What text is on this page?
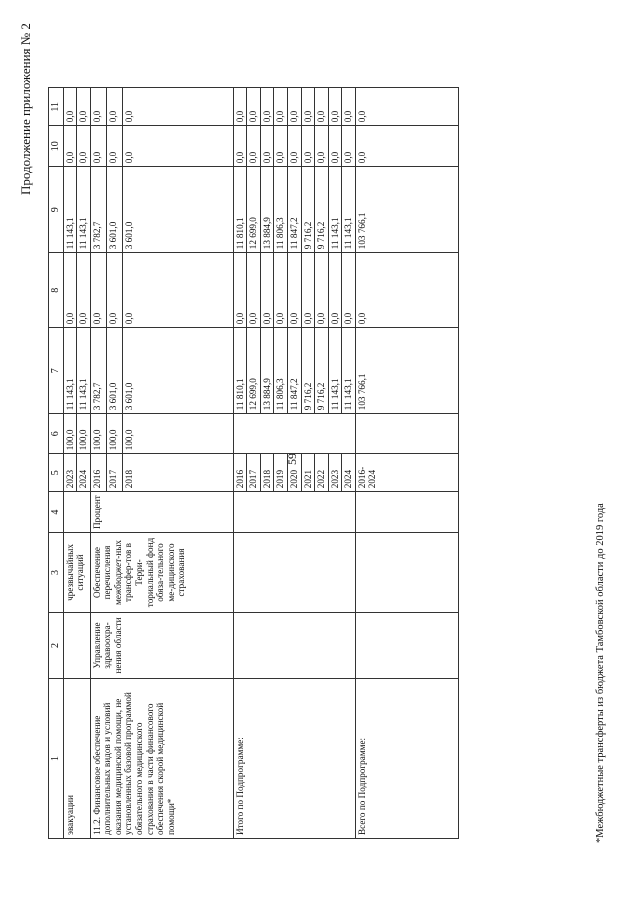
Продолжение приложения № 2
59
1	2	3	4	5	6	7	8	9	10	11
эвакуации		чрезвычайных ситуаций		2023	100,0	11 143,1	0,0	11 143,1	0,0	0,0
				2024	100,0	11 143,1	0,0	11 143,1	0,0	0,0
11.2. Финансовое обеспечение дополнительных видов и условий оказания медицинской помощи, не установленных базовой программой обязательного медицинского страхования в части финансового обеспечения скорой медицинской помощи*	Управление здравоохра-нения области	Обеспечение перечисления межбюджет-ных трансфер-тов в Терри-ториальный фонд обяза-тельного ме-дицинского страхования	Процент	2016	100,0	3 782,7	0,0	3 782,7	0,0	0,0
				2017	100,0	3 601,0	0,0	3 601,0	0,0	0,0
				2018	100,0	3 601,0	0,0	3 601,0	0,0	0,0
Итого по Подпрограмме:				2016		11 810,1	0,0	11 810,1	0,0	0,0
				2017		12 699,0	0,0	12 699,0	0,0	0,0
				2018		13 884,9	0,0	13 884,9	0,0	0,0
				2019		11 806,3	0,0	11 806,3	0,0	0,0
				2020		11 847,2	0,0	11 847,2	0,0	0,0
				2021		9 716,2	0,0	9 716,2	0,0	0,0
				2022		9 716,2	0,0	9 716,2	0,0	0,0
				2023		11 143,1	0,0	11 143,1	0,0	0,0
				2024		11 143,1	0,0	11 143,1	0,0	0,0
Всего по Подпрограмме:				2016-2024		103 766,1	0,0	103 766,1	0,0	0,0
*Межбюджетные трансферты из бюджета Тамбовской области до 2019 года
